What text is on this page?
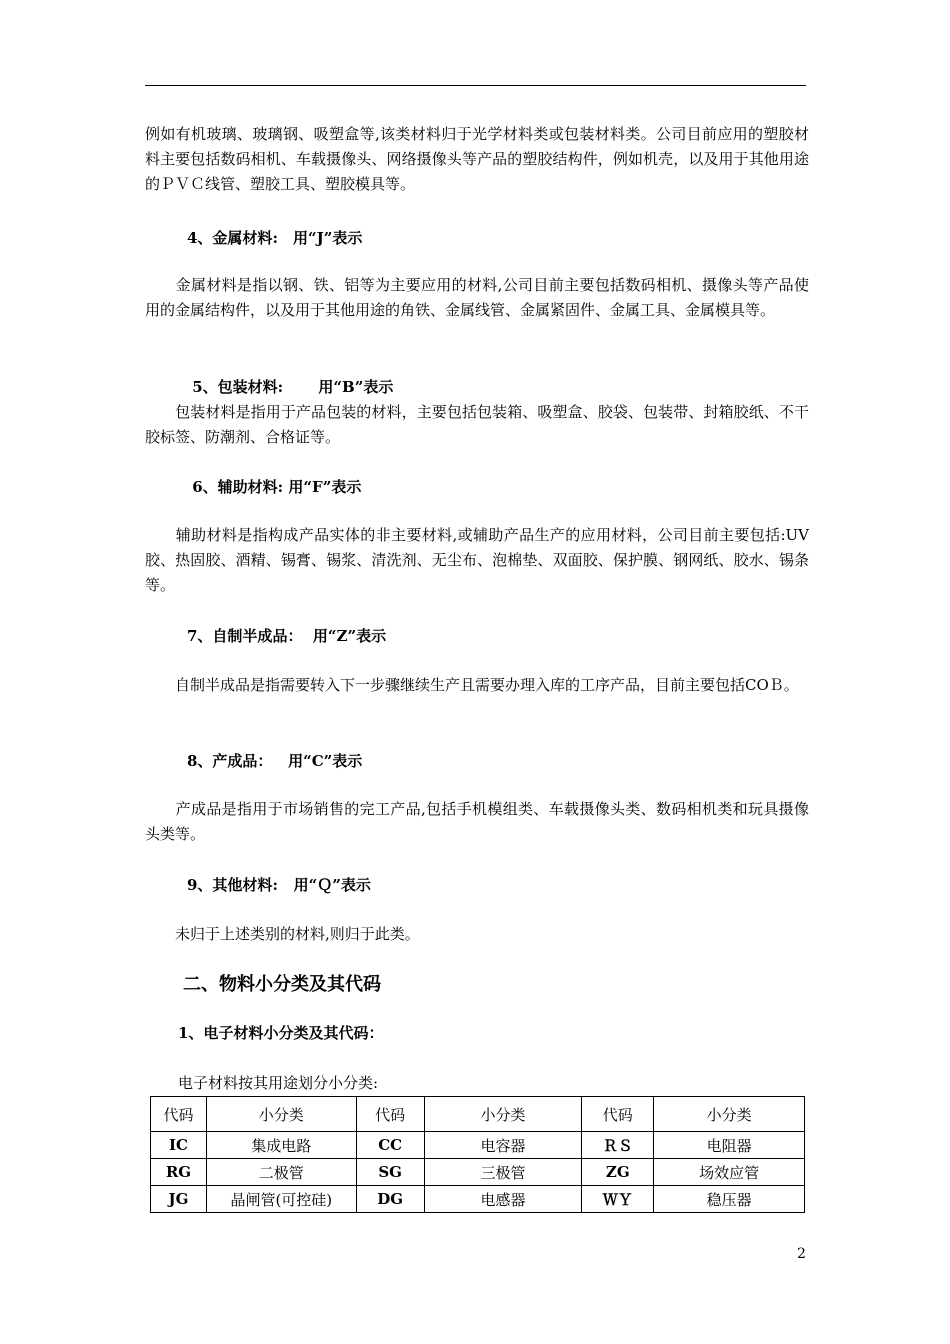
例如有机玻璃、玻璃钢、吸塑盒等,该类材料归于光学材料类或包装材料类。公司目前应用的塑胶材料主要包括数码相机、车载摄像头、网络摄像头等产品的塑胶结构件，例如机壳，以及用于其他用途的ＰＶＣ线管、塑胶工具、塑胶模具等。

4、金属材料:　用“J”表示

　　金属材料是指以钢、铁、铝等为主要应用的材料,公司目前主要包括数码相机、摄像头等产品使用的金属结构件，以及用于其他用途的角铁、金属线管、金属紧固件、金属工具、金属模具等。

5、包装材料:　　 用“B”表示

　　包装材料是指用于产品包装的材料，主要包括包装箱、吸塑盒、胶袋、包装带、封箱胶纸、不干胶标签、防潮剂、合格证等。

6、辅助材料: 用“F”表示

　　辅助材料是指构成产品实体的非主要材料,或辅助产品生产的应用材料，公司目前主要包括:UV胶、热固胶、酒精、锡膏、锡浆、清洗剂、无尘布、泡棉垫、双面胶、保护膜、钢网纸、胶水、锡条等。

7、自制半成品：  用“Z”表示

　　自制半成品是指需要转入下一步骤继续生产且需要办理入库的工序产品，目前主要包括COＢ。

8、产成品：   用“C”表示

　　产成品是指用于市场销售的完工产品,包括手机模组类、车载摄像头类、数码相机类和玩具摄像头类等。

9、其他材料:   用“Ｑ”表示

　　未归于上述类别的材料,则归于此类。

二、物料小分类及其代码

1、电子材料小分类及其代码：

电子材料按其用途划分小分类:

代码	小分类	代码	小分类	代码	小分类
IC	集成电路	CC	电容器	ＲＳ	电阻器
RG	二极管	SG	三极管	ZG	场效应管
JG	晶闸管(可控硅)	DG	电感器	ＷＹ	稳压器
2
